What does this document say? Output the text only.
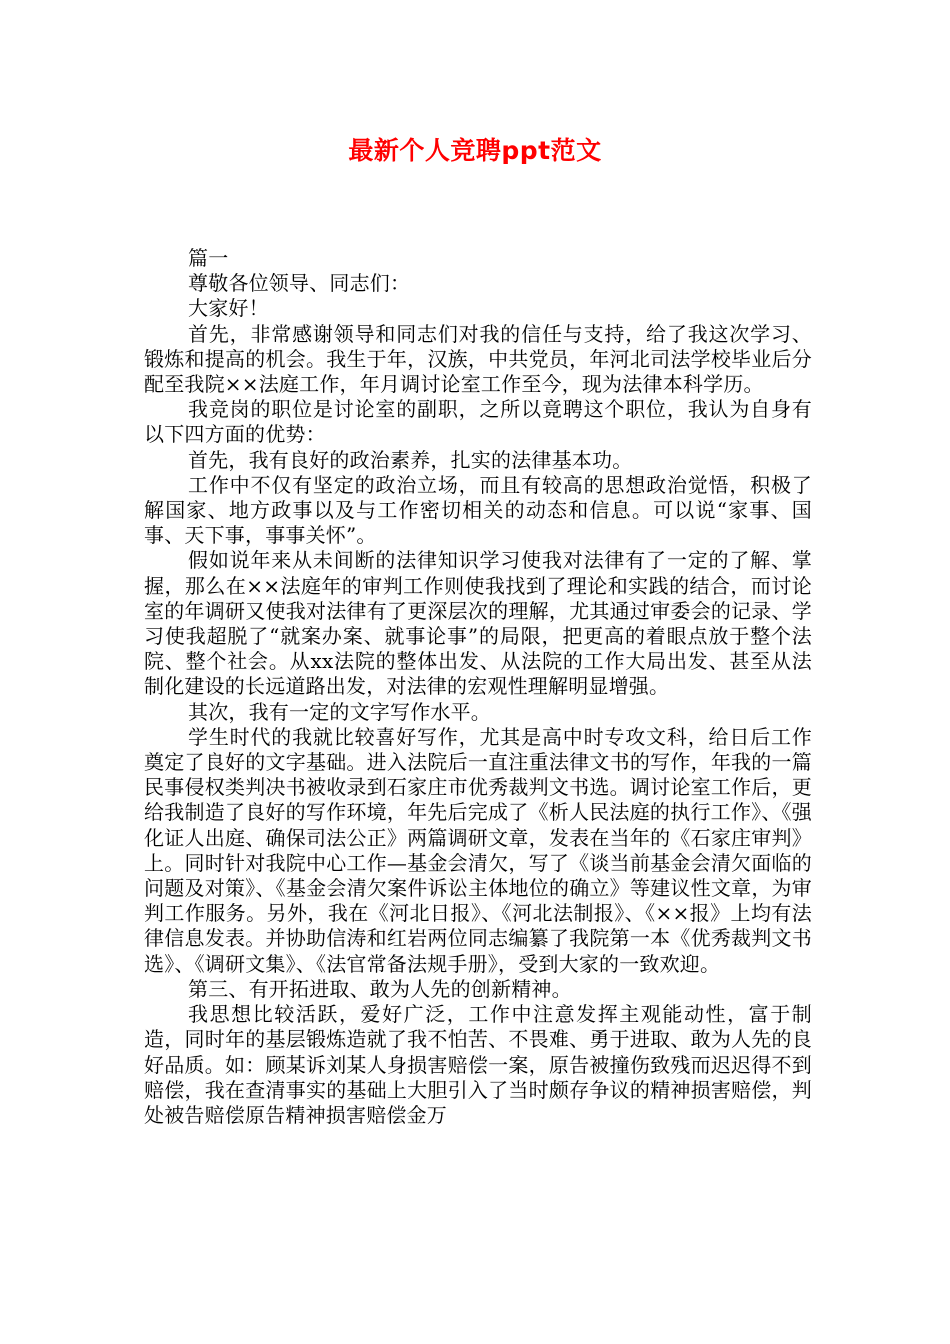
最新个人竞聘ppt范文

篇一

尊敬各位领导、同志们：

大家好！

首先，非常感谢领导和同志们对我的信任与支持，给了我这次学习、锻炼和提高的机会。我生于年，汉族，中共党员，年河北司法学校毕业后分配至我院××法庭工作，年月调讨论室工作至今，现为法律本科学历。

我竞岗的职位是讨论室的副职，之所以竟聘这个职位，我认为自身有以下四方面的优势：

首先，我有良好的政治素养，扎实的法律基本功。

工作中不仅有坚定的政治立场，而且有较高的思想政治觉悟，积极了解国家、地方政事以及与工作密切相关的动态和信息。可以说“家事、国事、天下事，事事关怀”。

假如说年来从未间断的法律知识学习使我对法律有了一定的了解、掌握，那么在××法庭年的审判工作则使我找到了理论和实践的结合，而讨论室的年调研又使我对法律有了更深层次的理解，尤其通过审委会的记录、学习使我超脱了“就案办案、就事论事”的局限，把更高的着眼点放于整个法院、整个社会。从xx法院的整体出发、从法院的工作大局出发、甚至从法制化建设的长远道路出发，对法律的宏观性理解明显增强。

其次，我有一定的文字写作水平。

学生时代的我就比较喜好写作，尤其是高中时专攻文科，给日后工作奠定了良好的文字基础。进入法院后一直注重法律文书的写作，年我的一篇民事侵权类判决书被收录到石家庄市优秀裁判文书选。调讨论室工作后，更给我制造了良好的写作环境，年先后完成了《析人民法庭的执行工作》、《强化证人出庭、确保司法公正》两篇调研文章，发表在当年的《石家庄审判》上。同时针对我院中心工作—基金会清欠，写了《谈当前基金会清欠面临的问题及对策》、《基金会清欠案件诉讼主体地位的确立》等建议性文章，为审判工作服务。另外，我在《河北日报》、《河北法制报》、《××报》上均有法律信息发表。并协助信涛和红岩两位同志编纂了我院第一本《优秀裁判文书选》、《调研文集》、《法官常备法规手册》，受到大家的一致欢迎。

第三、有开拓进取、敢为人先的创新精神。

我思想比较活跃，爱好广泛，工作中注意发挥主观能动性，富于制造，同时年的基层锻炼造就了我不怕苦、不畏难、勇于进取、敢为人先的良好品质。如：顾某诉刘某人身损害赔偿一案，原告被撞伤致残而迟迟得不到赔偿，我在查清事实的基础上大胆引入了当时颇存争议的精神损害赔偿，判处被告赔偿原告精神损害赔偿金万
